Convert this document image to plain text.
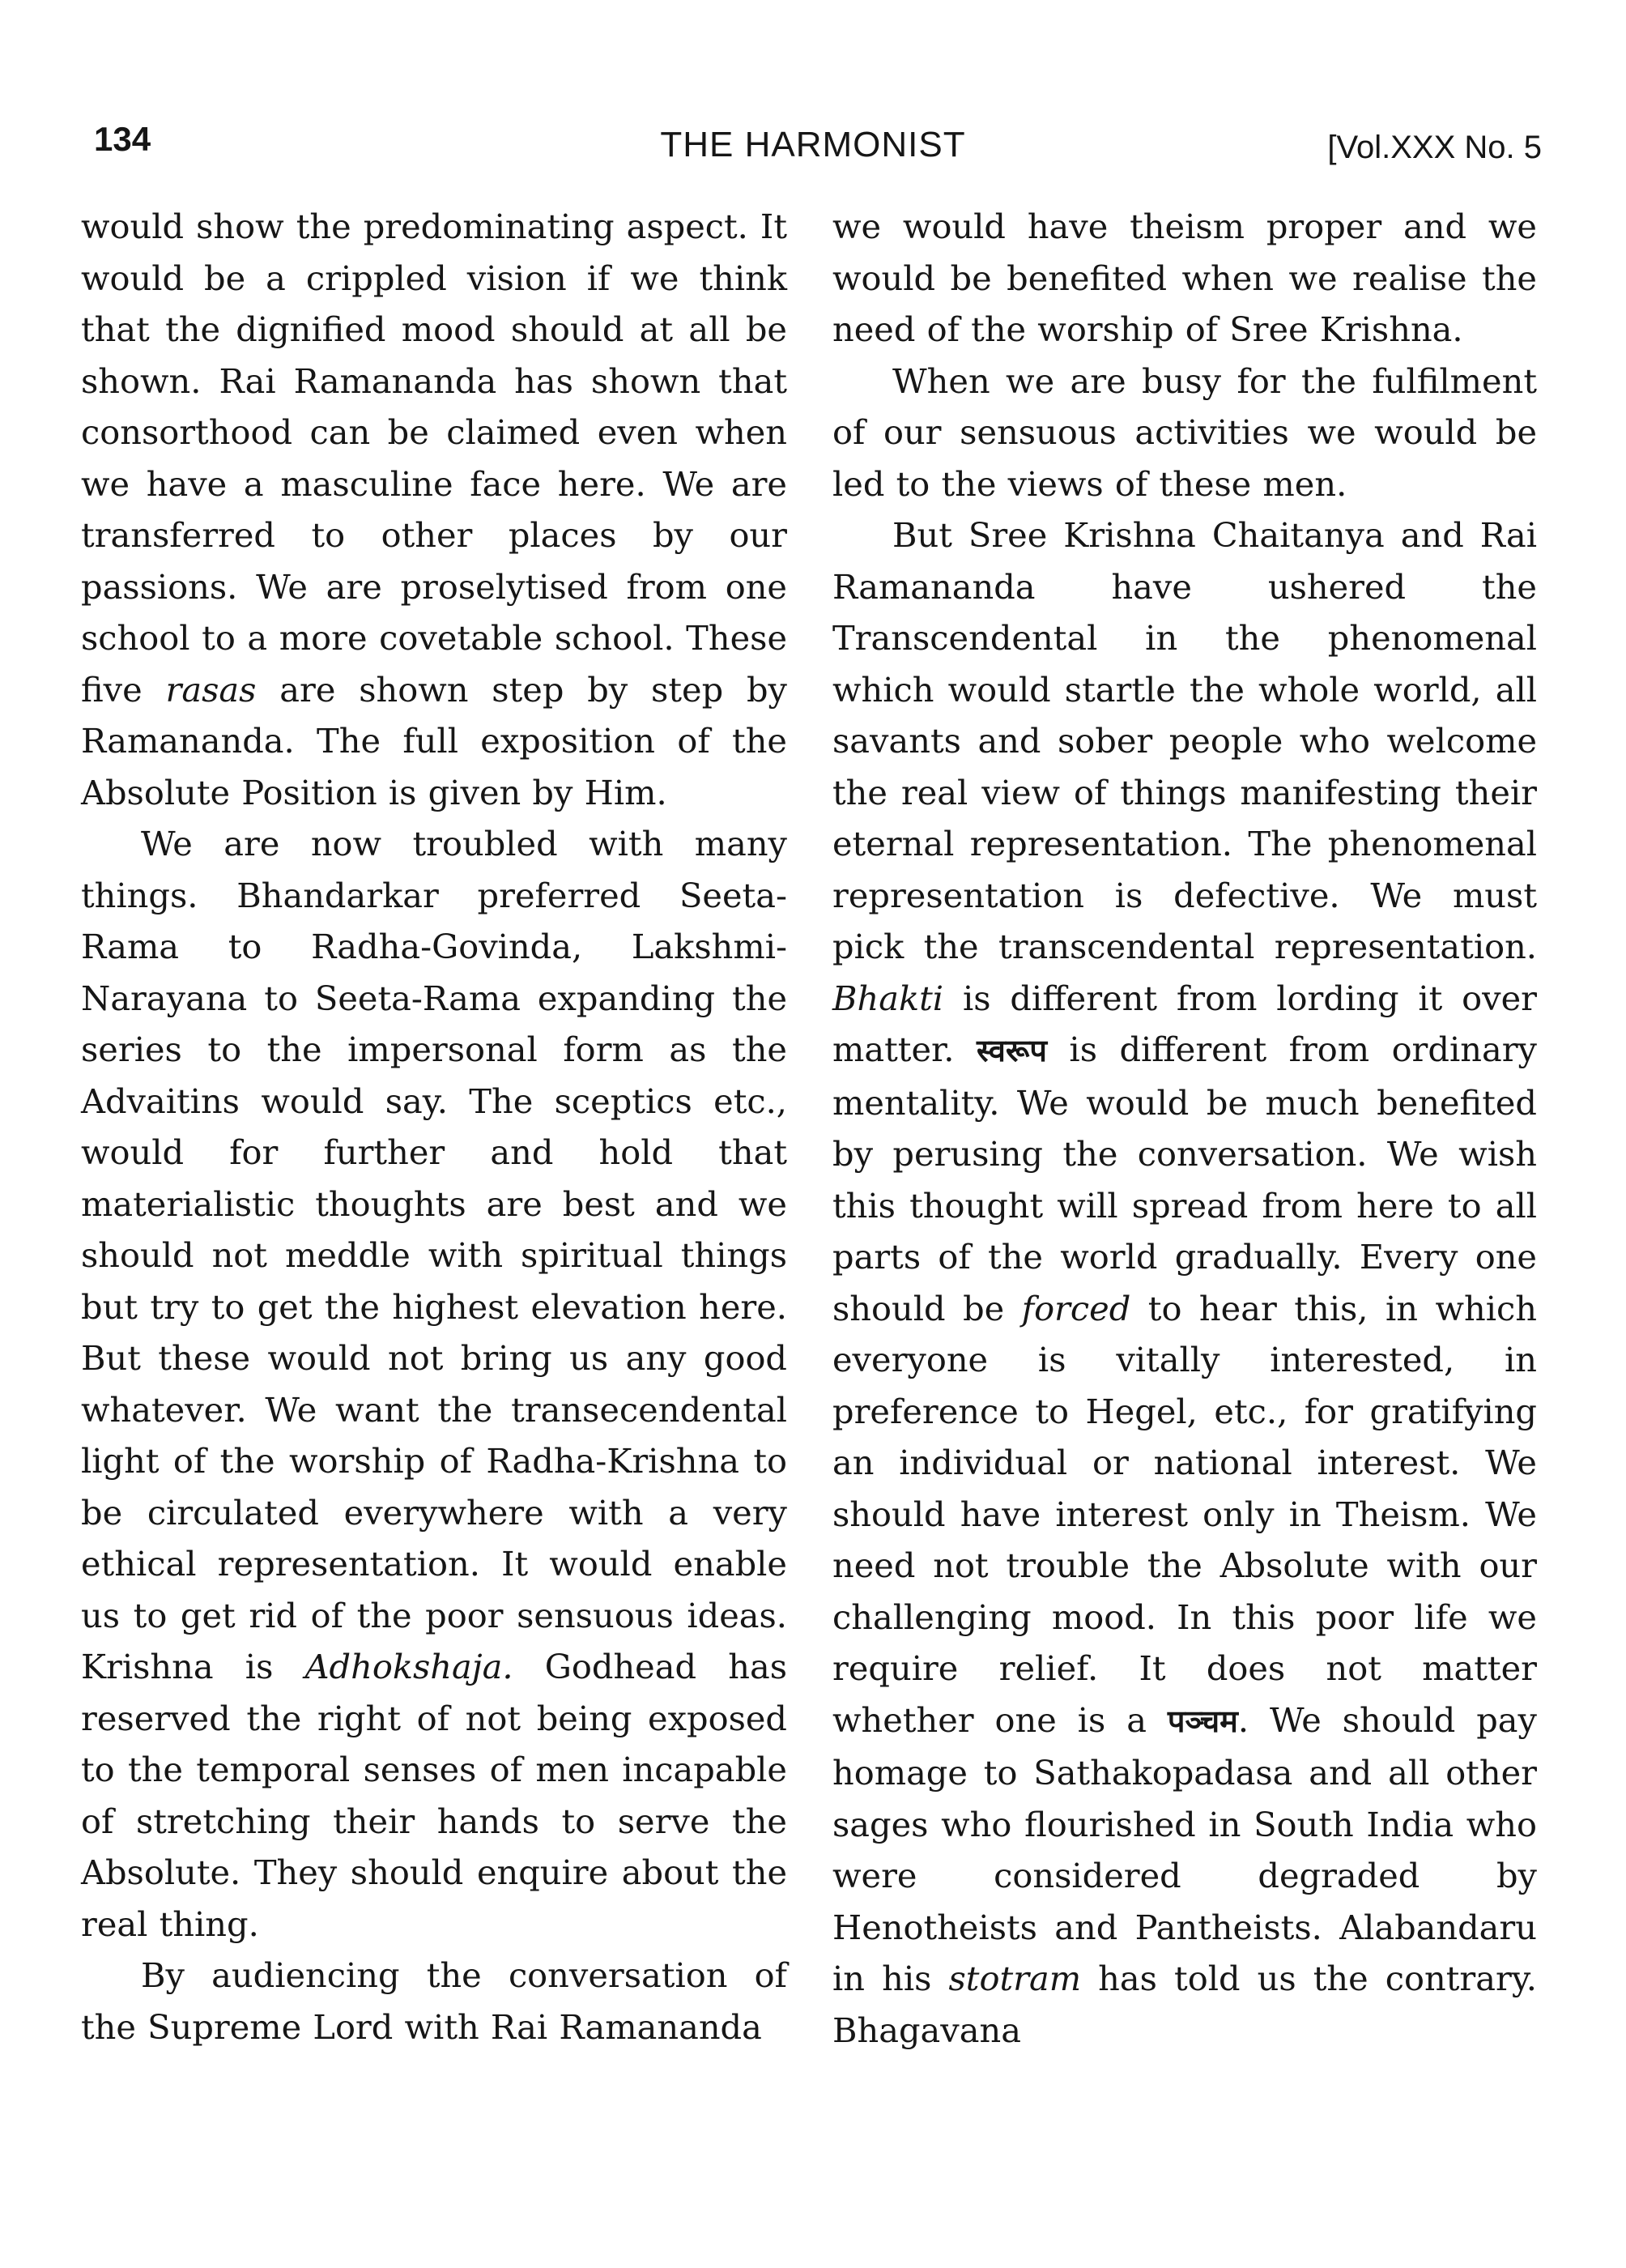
134	THE HARMONIST	[Vol.XXX No. 5

would show the predominating aspect. It would be a crippled vision if we think that the dignified mood should at all be shown. Rai Ramananda has shown that consorthood can be claimed even when we have a masculine face here. We are transferred to other places by our passions. We are proselytised from one school to a more covetable school. These five rasas are shown step by step by Ramananda. The full exposition of the Absolute Position is given by Him.

We are now troubled with many things. Bhandarkar preferred Seeta-Rama to Radha-Govinda, Lakshmi-Narayana to Seeta-Rama expanding the series to the impersonal form as the Advaitins would say. The sceptics etc., would for further and hold that materialistic thoughts are best and we should not meddle with spiritual things but try to get the highest elevation here. But these would not bring us any good whatever. We want the transecendental light of the worship of Radha-Krishna to be circulated everywhere with a very ethical representation. It would enable us to get rid of the poor sensuous ideas. Krishna is Adhokshaja. Godhead has reserved the right of not being exposed to the temporal senses of men incapable of stretching their hands to serve the Absolute. They should enquire about the real thing.

By audiencing the conversation of the Supreme Lord with Rai Ramananda

we would have theism proper and we would be benefited when we realise the need of the worship of Sree Krishna.

When we are busy for the fulfilment of our sensuous activities we would be led to the views of these men.

But Sree Krishna Chaitanya and Rai Ramananda have ushered the Transcendental in the phenomenal which would startle the whole world, all savants and sober people who welcome the real view of things manifesting their eternal representation. The phenomenal representation is defective. We must pick the transcendental representation. Bhakti is different from lording it over matter. स्वरूप is different from ordinary mentality. We would be much benefited by perusing the conversation. We wish this thought will spread from here to all parts of the world gradually. Every one should be forced to hear this, in which everyone is vitally interested, in preference to Hegel, etc., for gratifying an individual or national interest. We should have interest only in Theism. We need not trouble the Absolute with our challenging mood. In this poor life we require relief. It does not matter whether one is a पञ्चम. We should pay homage to Sathakopadasa and all other sages who flourished in South India who were considered degraded by Henotheists and Pantheists. Alabandaru in his stotram has told us the contrary. Bhagavana
